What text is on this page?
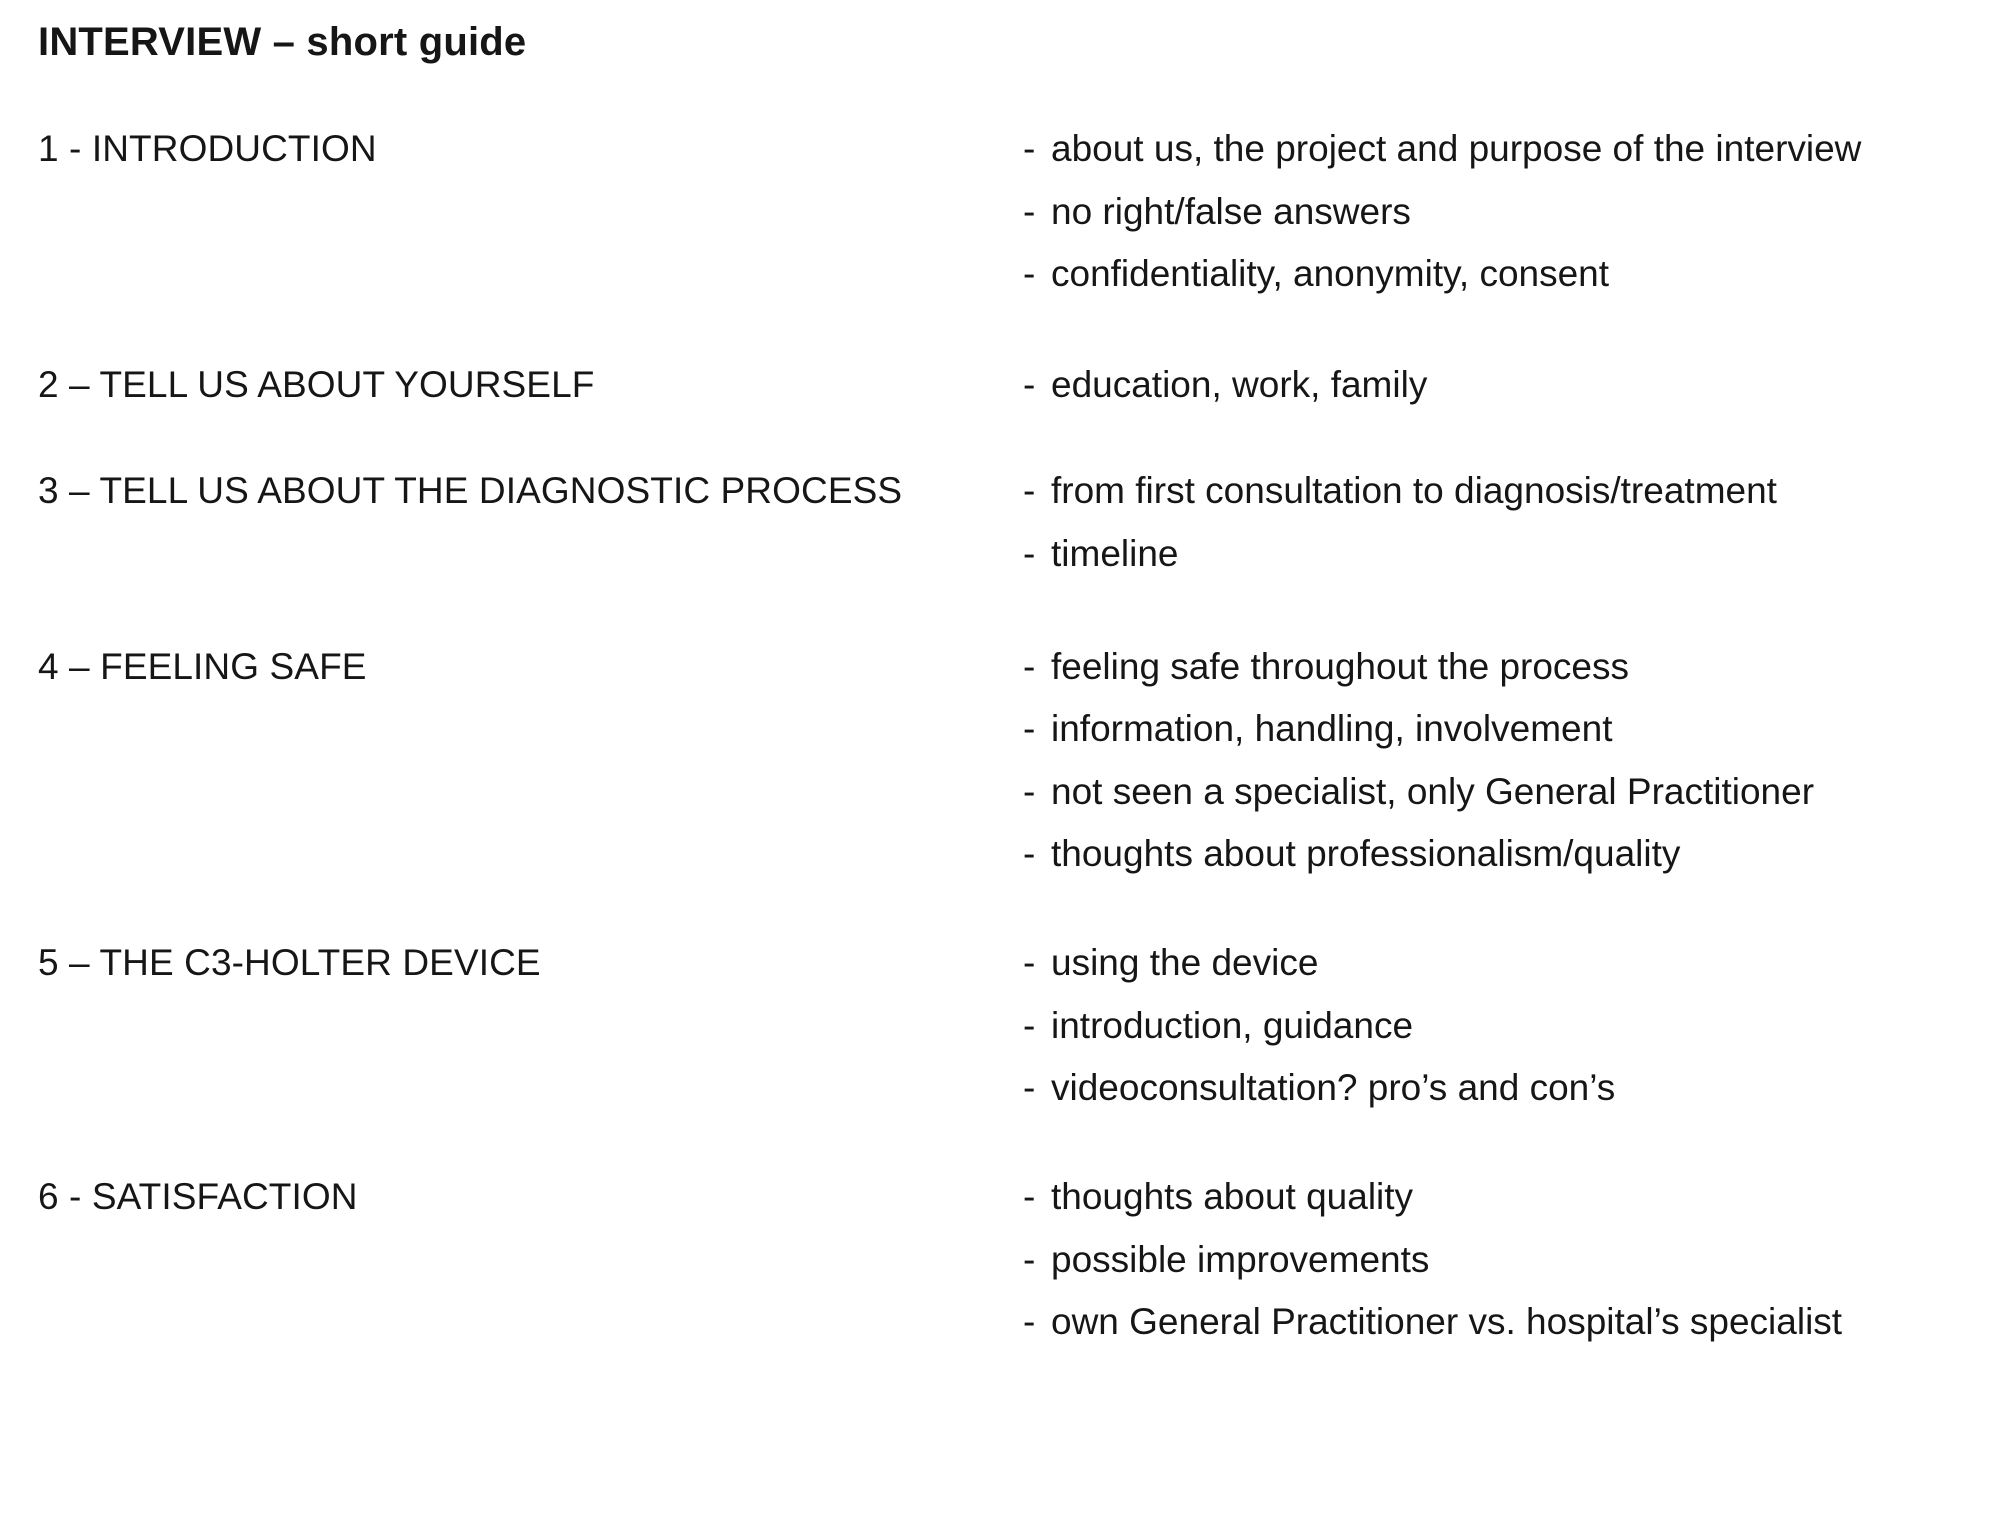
INTERVIEW – short guide
1 - INTRODUCTION	- about us, the project and purpose of the interview
- no right/false answers
- confidentiality, anonymity, consent
2 – TELL US ABOUT YOURSELF	- education, work, family
3 – TELL US ABOUT THE DIAGNOSTIC PROCESS	- from first consultation to diagnosis/treatment
- timeline
4 – FEELING SAFE	- feeling safe throughout the process
- information, handling, involvement
- not seen a specialist, only General Practitioner
- thoughts about professionalism/quality
5 – THE C3-HOLTER DEVICE	- using the device
- introduction, guidance
- videoconsultation? pro’s and con’s
6 - SATISFACTION	- thoughts about quality
- possible improvements
- own General Practitioner vs. hospital’s specialist
